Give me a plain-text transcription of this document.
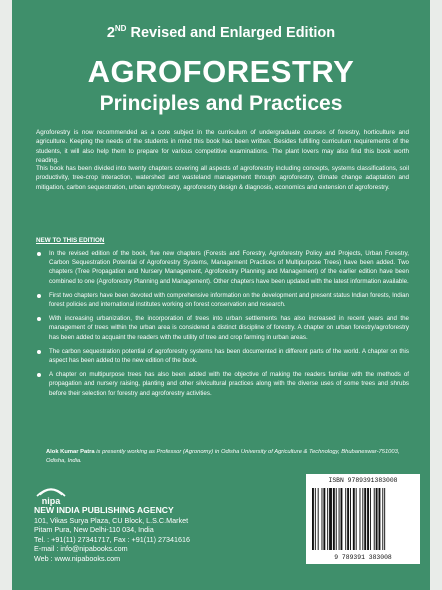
2ND Revised and Enlarged Edition
AGROFORESTRY
Principles and Practices
Agroforestry is now recommended as a core subject in the curriculum of undergraduate courses of forestry, horticulture and agriculture. Keeping the needs of the students in mind this book has been written. Besides fulfilling curriculum requirements of the students, it will also help them to prepare for various competitive examinations. The plant lovers may also find this book worth reading.
This book has been divided into twenty chapters covering all aspects of agroforestry including concepts, systems classifications, soil productivity, tree-crop interaction, watershed and wasteland management through agroforestry, climate change adaptation and mitigation, carbon sequestration, urban agroforestry, agroforestry design & diagnosis, economics and extension of agroforestry.
NEW TO THIS EDITION
In the revised edition of the book, five new chapters (Forests and Forestry, Agroforestry Policy and Projects, Urban Forestry, Carbon Sequestration Potential of Agroforestry Systems, Management Practices of Multipurpose Trees) have been added. Two chapters (Tree Propagation and Nursery Management, Agroforestry Planning and Management) of the earlier edition have been combined to one (Agroforestry Planning and Management). Other chapters have been updated with the latest information available.
First two chapters have been devoted with comprehensive information on the development and present status Indian forests, Indian forest policies and international institutes working on forest conservation and research.
With increasing urbanization, the incorporation of trees into urban settlements has also increased in recent years and the management of trees within the urban area is considered a distinct discipline of forestry. A chapter on urban forestry/agroforestry has been added to acquaint the readers with the utility of tree and crop farming in urban areas.
The carbon sequestration potential of agroforestry systems has been documented in different parts of the world. A chapter on this aspect has been added to the new edition of the book.
A chapter on multipurpose trees has also been added with the objective of making the readers familiar with the methods of propagation and nursery raising, planting and other silvicultural practices along with the diverse uses of some trees and shrubs before their selection for forestry and agroforestry activities.
Alok Kumar Patra is presently working as Professor (Agronomy) in Odisha University of Agriculture & Technology, Bhubaneswar-751003, Odisha, India.
nipa
NEW INDIA PUBLISHING AGENCY
101, Vikas Surya Plaza, CU Block, L.S.C.Market
Pitam Pura, New Delhi-110 034, India
Tel. : +91(11) 27341717, Fax : +91(11) 27341616
E-mail : info@nipabooks.com
Web : www.nipabooks.com
ISBN 9789391383008
9 789391 383008
